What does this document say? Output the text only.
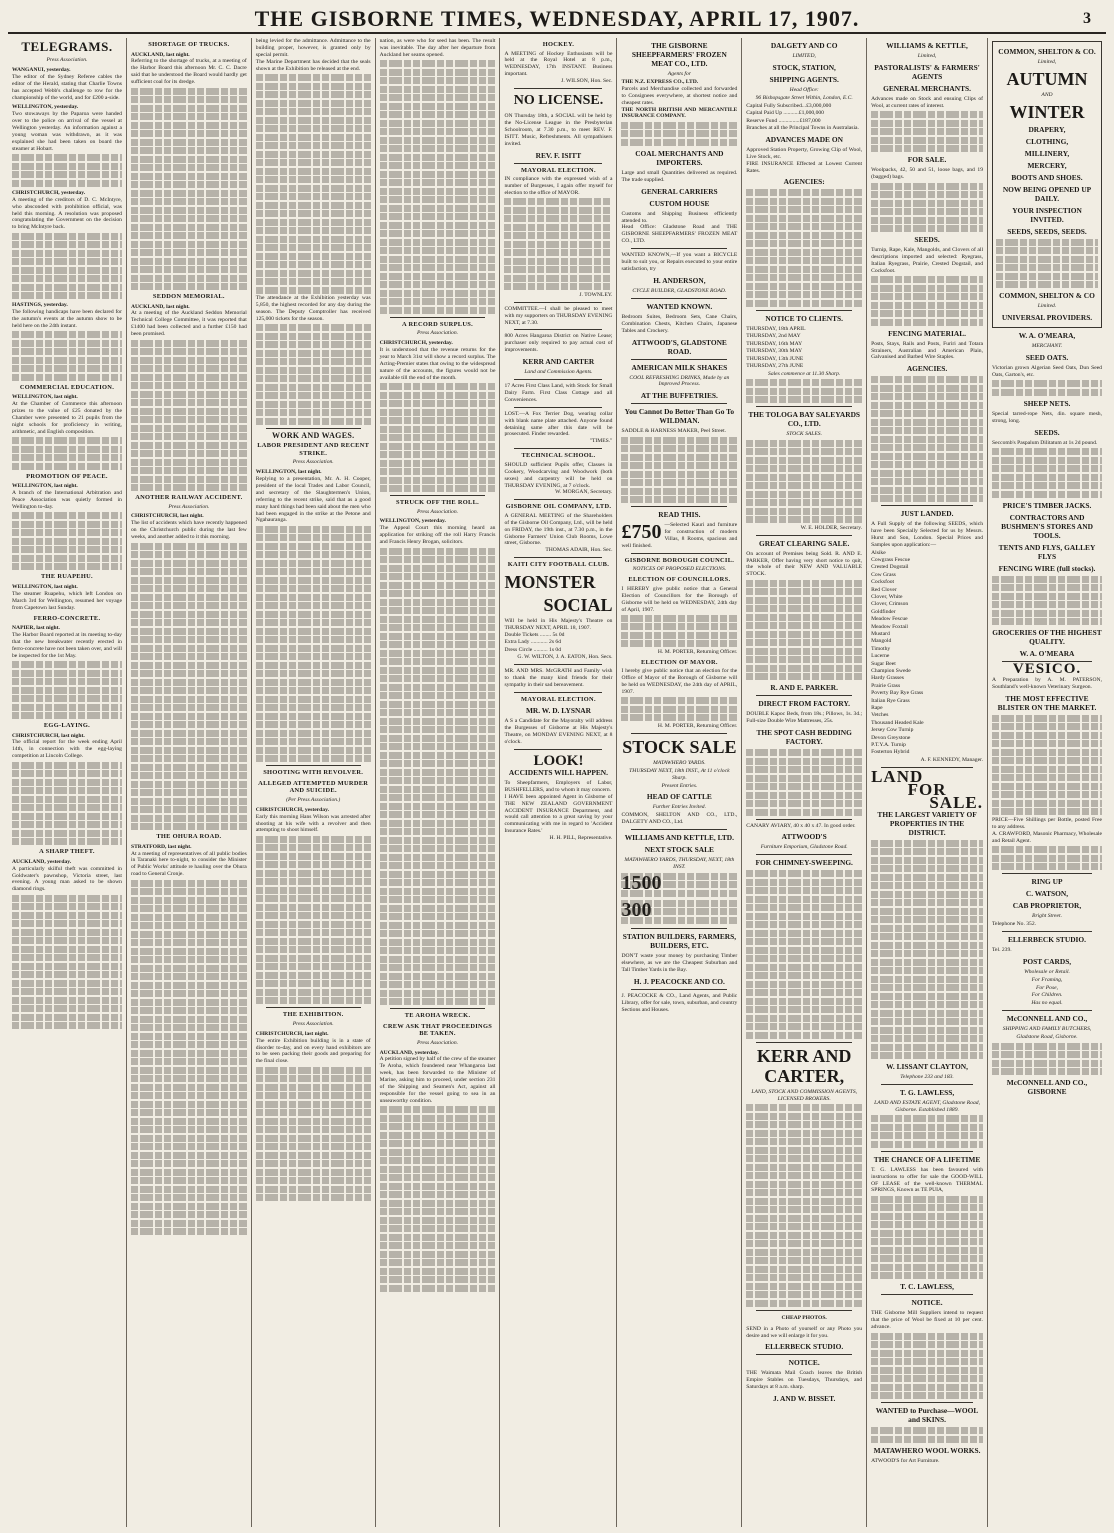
THE GISBORNE TIMES, WEDNESDAY, APRIL 17, 1907.	3
TELEGRAMS.
Press Association.
WANGANUI, yesterday.
The editor of the Sydney Referee cables the editor of the Herald, stating that Charlie Towns has accepted Webb's challenge to row for the championship of the world, and for £200 a-side.
WELLINGTON, yesterday.
Two stowaways by the Paparoa were handed over to the police on arrival of the vessel at Wellington yesterday. An information against a young woman was withdrawn, as it was explained she had been taken on board the steamer at Hobart.
CHRISTCHURCH, yesterday.
A meeting of the creditors of D. C. McIntyre, who absconded with prohibition official, was held this morning. A resolution was proposed congratulating the Government on the decision to bring McIntyre back.
HASTINGS, yesterday.
The following handicaps have been declared for the autumn's events at the autumn show to be held here on the 24th instant.
COMMERCIAL EDUCATION.
WELLINGTON, last night.
At the Chamber of Commerce this afternoon prizes to the value of £25 donated by the Chamber were presented to 21 pupils from the night schools for proficiency in writing, arithmetic, and English composition.
PROMOTION OF PEACE.
WELLINGTON, last night.
A branch of the International Arbitration and Peace Association was quietly formed in Wellington to-day.
THE RUAPEHU.
WELLINGTON, last night.
The steamer Ruapehu, which left London on March 3rd for Wellington, resumed her voyage from Capetown last Sunday.
FERRO-CONCRETE.
NAPIER, last night.
The Harbor Board reported at its meeting to-day that the new breakwater recently erected in ferro-concrete have not been taken over, and will be inspected for the 1st May.
EGG-LAYING.
CHRISTCHURCH, last night.
The official report for the week ending April 14th, in connection with the egg-laying competition at Lincoln College.
A SHARP THEFT.
AUCKLAND, yesterday.
A particularly skilful theft was committed in Goldwater's pawnshop, Victoria street, last evening. A young man asked to be shown diamond rings.
SHORTAGE OF TRUCKS.
AUCKLAND, last night.
Referring to the shortage of trucks, at a meeting of the Harbor Board this afternoon Mr. C. C. Dacre said that he understood the Board would hardly get sufficient coal for its dredge.
SEDDON MEMORIAL.
AUCKLAND, last night.
At a meeting of the Auckland Seddon Memorial Technical College Committee, it was reported that £1400 had been collected and a further £150 had been promised.
ANOTHER RAILWAY ACCIDENT.
Press Association.
CHRISTCHURCH, last night.
The list of accidents which have recently happened on the Christchurch public during the last few weeks, and another added to it this morning.
THE OHURA ROAD.
STRATFORD, last night.
At a meeting of representatives of all public bodies in Taranaki here to-night, to consider the Minister of Public Works' attitude re hauling over the Ohura road to General Cronje.
being levied for the admittance. Admittance to the building proper, however, is granted only by special permit.
The Marine Department has decided that the seals shown at the Exhibition be released at the end.
The attendance at the Exhibition yesterday was 5,850, the highest recorded for any day during the season. The Deputy Comptroller has received 125,000 tickets for the season.
WORK AND WAGES.
LABOR PRESIDENT AND RECENT STRIKE.
Press Association.
WELLINGTON, last night.
Replying to a presentation, Mr. A. H. Cooper, president of the local Trades and Labor Council, and secretary of the Slaughtermen's Union, referring to the recent strike, said that as a good many hard things had been said about the men who had been engaged in the strike at the Petone and Ngahauranga.
SHOOTING WITH REVOLVER.
ALLEGED ATTEMPTED MURDER AND SUICIDE.
(Per Press Association.)
CHRISTCHURCH, yesterday.
Early this morning Hans Wilson was arrested after shooting at his wife with a revolver and then attempting to shoot himself.
THE EXHIBITION.
Press Association.
CHRISTCHURCH, last night.
The entire Exhibition building is in a state of disorder to-day, and on every hand exhibitors are to be seen packing their goods and preparing for the final close.
nation, as were who for seed has been. The result was inevitable. The day after her departure from Auckland her seams opened.
A RECORD SURPLUS.
Press Association.
CHRISTCHURCH, yesterday.
It is understood that the revenue returns for the year to March 31st will show a record surplus. The Acting-Premier states that owing to the widespread nature of the accounts, the figures would not be available till the end of the month.
STRUCK OFF THE ROLL.
Press Association.
WELLINGTON, yesterday.
The Appeal Court this morning heard an application for striking off the roll Harry Francis and Francis Henry Brogan, solicitors.
TE AROHA WRECK.
CREW ASK THAT PROCEEDINGS BE TAKEN.
Press Association.
AUCKLAND, yesterday.
A petition signed by half of the crew of the steamer Te Aroha, which foundered near Whangaroa last week, has been forwarded to the Minister of Marine, asking him to proceed, under section 231 of the Shipping and Seamen's Act, against all responsible for the vessel going to sea in an unseaworthy condition.
HOCKEY.
A MEETING of Hockey Enthusiasts will be held at the Royal Hotel at 8 p.m., WEDNESDAY, 17th INSTANT. Business important.
J. WILSON, Hon. Sec.
NO LICENSE.
ON Thursday 18th, a SOCIAL will be held by the No-License League in the Presbyterian Schoolroom, at 7.30 p.m., to meet REV. F. ISITT. Music, Refreshments. All sympathisers invited.
REV. F. ISITT
MAYORAL ELECTION.
IN compliance with the expressed wish of a number of Burgesses, I again offer myself for election to the office of MAYOR.
J. TOWNLEY.
COMMITTEE.—I shall be pleased to meet with my supporters on THURSDAY EVENING NEXT, at 7.30.
800 Acres Hangaroa District on Native Lease; purchaser only required to pay actual cost of improvements.
KERR AND CARTER
Land and Commission Agents.
17 Acres First Class Land, with Stock for Small Dairy Farm. First Class Cottage and all Conveniences.
LOST.—A Fox Terrier Dog, wearing collar with blank name plate attached. Anyone found detaining same after this date will be prosecuted. Finder rewarded.
"TIMES."
TECHNICAL SCHOOL.
SHOULD sufficient Pupils offer, Classes in Cookery, Woodcarving and Woodwork (both sexes) and carpentry will be held on THURSDAY EVENING, at 7 o'clock.
W. MORGAN, Secretary.
GISBORNE OIL COMPANY, LTD.
A GENERAL MEETING of the Shareholders of the Gisborne Oil Company, Ltd., will be held on FRIDAY, the 19th inst., at 7.30 p.m., in the Gisborne Farmers' Union Club Rooms, Lowe street, Gisborne.
THOMAS ADAIR, Hon. Sec.
KAITI CITY FOOTBALL CLUB.
MONSTER
SOCIAL
Will be held in His Majesty's Theatre on THURSDAY NEXT, APRIL 18, 1907.
Double Tickets ........ 5s 0d
Extra Lady ............ 2s 6d
Dress Circle .......... 1s 0d
G. W. WILTON, J. A. EATON, Hon. Secs.
MR. AND MRS. McGRATH and Family wish to thank the many kind friends for their sympathy in their sad bereavement.
MAYORAL ELECTION.
MR. W. D. LYSNAR
A S a Candidate for the Mayoralty will address the Burgesses of Gisborne at His Majesty's Theatre, on MONDAY EVENING NEXT, at 8 o'clock.
LOOK!
ACCIDENTS WILL HAPPEN.
To Sheepfarmers, Employers of Labor, BUSHFELLERS, and to whom it may concern.
I HAVE been appointed Agent in Gisborne of THE NEW ZEALAND GOVERNMENT ACCIDENT INSURANCE Department, and would call attention to a great saving by your communicating with me in regard to 'Accident Insurance Rates.'
H. H. PILL, Representative.
THE GISBORNE SHEEPFARMERS' FROZEN MEAT CO., LTD.
Agents for
THE N.Z. EXPRESS CO., LTD.
Parcels and Merchandise collected and forwarded to Consignees everywhere, at shortest notice and cheapest rates.
THE NORTH BRITISH AND MERCANTILE INSURANCE COMPANY.
COAL MERCHANTS AND IMPORTERS.
Large and small Quantities delivered as required. The trade supplied.
GENERAL CARRIERS
CUSTOM HOUSE
Customs and Shipping Business efficiently attended to.
Head Office: Gladstone Road and THE GISBORNE SHEEPFARMERS' FROZEN MEAT CO., LTD.
WANTED KNOWN,—If you want a BICYCLE built to suit you, or Repairs executed to your entire satisfaction, try
H. ANDERSON,
CYCLE BUILDER, GLADSTONE ROAD.
WANTED KNOWN.
Bedroom Suites, Bedroom Sets, Cane Chairs, Combination Chests, Kitchen Chairs, Japanese Tables and Crockery.
ATTWOOD'S, GLADSTONE ROAD.
AMERICAN MILK SHAKES
COOL REFRESHING DRINKS, Made by an Improved Process.
AT THE BUFFETRIES.
You Cannot Do Better Than Go To WILDMAN.
SADDLE & HARNESS MAKER, Peel Street.
READ THIS.
£750 —Selected Kauri and furniture for construction of modern Villas, 8 Rooms, spacious and well finished.
GISBORNE BOROUGH COUNCIL.
NOTICES OF PROPOSED ELECTIONS.
ELECTION OF COUNCILLORS.
I HEREBY give public notice that a General Election of Councillors for the Borough of Gisborne will be held on WEDNESDAY, 24th day of April, 1907.
H. M. PORTER, Returning Officer.
ELECTION OF MAYOR.
I hereby give public notice that an election for the Office of Mayor of the Borough of Gisborne will be held on WEDNESDAY, the 24th day of APRIL, 1907.
H. M. PORTER, Returning Officer.
STOCK SALE
MATAWHERO YARDS.
THURSDAY NEXT, 18th INST., At 11 o'clock Sharp.
Present Entries.
HEAD OF CATTLE
Further Entries Invited.
COMMON, SHELTON AND CO., LTD., DALGETY AND CO., Ltd.
WILLIAMS AND KETTLE, LTD.
NEXT STOCK SALE
MATAWHERO YARDS, THURSDAY, NEXT, 18th INST.
1500
300
STATION BUILDERS, FARMERS, BUILDERS, ETC.
DON'T waste your money by purchasing Timber elsewhere, as we are the Cheapest Suburban and Tall Timber Yards in the Bay.
H. J. PEACOCKE AND CO.
J. PEACOCKE & CO., Land Agents, and Public Library, offer for sale, town, suburban, and country Sections and Houses.
DALGETY AND CO
LIMITED,
STOCK, STATION,
SHIPPING AGENTS.
Head Office:
96 Bishopsgate Street Within, London, E.C.
Capital Fully Subscribed...£3,000,000
Capital Paid Up ...........£1,000,000
Reserve Fund ...............£187,000
Branches at all the Principal Towns in Australasia.
ADVANCES MADE ON
Approved Station Property, Growing Clip of Wool, Live Stock, etc.
FIRE INSURANCE Effected at Lowest Current Rates.
AGENCIES:
NOTICE TO CLIENTS.
THURSDAY, 18th APRIL
THURSDAY, 2nd MAY
THURSDAY, 16th MAY
THURSDAY, 30th MAY
THURSDAY, 13th JUNE
THURSDAY, 27th JUNE
Sales commence at 11.30 Sharp.
THE TOLOGA BAY SALEYARDS CO., LTD.
STOCK SALES.
W. E. HOLDER, Secretary.
GREAT CLEARING SALE.
On account of Premises being Sold. R. AND E. PARKER, Offer having very short notice to quit, the whole of their NEW AND VALUABLE STOCK.
R. AND E. PARKER.
DIRECT FROM FACTORY.
DOUBLE Kapoc Beds, from 18s.; Pillows, 1s. 3d.; Full-size Double Wire Mattresses, 25s.
THE SPOT CASH BEDDING FACTORY.
CANARY AVIARY, 40 x 40 x 47. In good order.
ATTWOOD'S
Furniture Emporium, Gladstone Road.
FOR CHIMNEY-SWEEPING.
KERR AND CARTER,
LAND, STOCK AND COMMISSION AGENTS, LICENSED BROKERS.
CHEAP PHOTOS.
SEND in a Photo of yourself or any Photo you desire and we will enlarge it for you.
ELLERBECK STUDIO.
NOTICE.
THE Waimata Mail Coach leaves the British Empire Stables on Tuesdays, Thursdays, and Saturdays at 8 a.m. sharp.
J. AND W. BISSET.
WILLIAMS & KETTLE,
Limited,
PASTORALISTS' & FARMERS' AGENTS
GENERAL MERCHANTS.
Advances made on Stock and ensuing Clips of Wool, at current rates of interest.
FOR SALE.
Woolpacks, 42, 50 and 51, loose bags, and 19 (bagged) bags.
SEEDS.
Turnip, Rape, Kale, Mangolds, and Clovers of all descriptions imported and selected: Ryegrass, Italian Ryegrass, Prairie, Crested Dogstail, and Cocksfoot.
FENCING MATERIAL.
Posts, Stays, Rails and Posts, Furiri and Totara Strainers, Australian and American Plain, Galvanised and Barbed Wire Staples.
AGENCIES.
JUST LANDED.
A Full Supply of the following SEEDS, which have been Specially Selected for us by Messrs. Hurst and Son, London. Special Prices and Samples upon application:—
Alsike
Cowgrass Fescue
Crested Dogstail
Cow Grass
Cocksfoot
Red Clover
Clover, White
Clover, Crimson
Goldfinder
Meadow Fescue
Meadow Foxtail
Mustard
Mangold
Timothy
Lucerne
Sugar Beet
Champion Swede
Hardy Grasses
Prairie Grass
Poverty Bay Rye Grass
Italian Rye Grass
Rape
Vetches
Thousand Headed Kale
Jersey Cow Turnip
Devon Greystone
P.T.Y.A. Turnip
Fosterton Hybrid
A. F. KENNEDY, Manager.
LAND
FOR
SALE.
THE LARGEST VARIETY OF PROPERTIES IN THE DISTRICT.
W. LISSANT CLAYTON,
Telephone 233 and 183.
T. G. LAWLESS,
LAND AND ESTATE AGENT, Gladstone Road, Gisborne. Established 1889.
THE CHANCE OF A LIFETIME
T. G. LAWLESS has been favoured with instructions to offer for sale the GOOD-WILL OF LEASE of the well-known THERMAL SPRINGS, Known as TE PUIA,
T. C. LAWLESS,
NOTICE.
THE Gisborne Mill Suppliers intend to request that the price of Wool be fixed at 10 per cent. advance.
WANTED to Purchase—WOOL and SKINS.
MATAWHERO WOOL WORKS.
ATWOOD'S for Art Furniture.
COMMON, SHELTON & CO.
Limited,
AUTUMN
AND
WINTER
DRAPERY,
CLOTHING,
MILLINERY,
MERCERY,
BOOTS AND SHOES.
NOW BEING OPENED UP DAILY.
YOUR INSPECTION INVITED.
SEEDS, SEEDS, SEEDS.
COMMON, SHELTON & CO
Limited.
UNIVERSAL PROVIDERS.
W. A. O'MEARA,
MERCHANT.
SEED OATS.
Victorian grown Algerian Seed Oats, Dun Seed Oats, Garton's, etc.
SHEEP NETS.
Special tarred-rope Nets, 4in. square mesh, strong, long.
SEEDS.
Seccomb's Paspalum Dilitatum at 1s 2d pound.
PRICE'S TIMBER JACKS.
CONTRACTORS AND BUSHMEN'S STORES AND TOOLS.
TENTS AND FLYS, GALLEY FLYS
FENCING WIRE (full stocks).
GROCERIES OF THE HIGHEST QUALITY.
W. A. O'MEARA
VESICO.
A Preparation by A. M. PATERSON, Southland's well-known Veterinary Surgeon.
THE MOST EFFECTIVE BLISTER ON THE MARKET.
PRICE—Five Shillings per Bottle, posted Free to any address.
A. CRAWFORD, Masonic Pharmacy, Wholesale and Retail Agent.
RING UP
C. WATSON,
CAB PROPRIETOR,
Bright Street.
Telephone No. 352.
ELLERBECK STUDIO.
Tel. 239.
POST CARDS,
Wholesale or Retail.
For Framing,
For Pose,
For Children.
Has no equal.
McCONNELL AND CO.,
SHIPPING AND FAMILY BUTCHERS,
Gladstone Road, Gisborne.
McCONNELL AND CO., GISBORNE
